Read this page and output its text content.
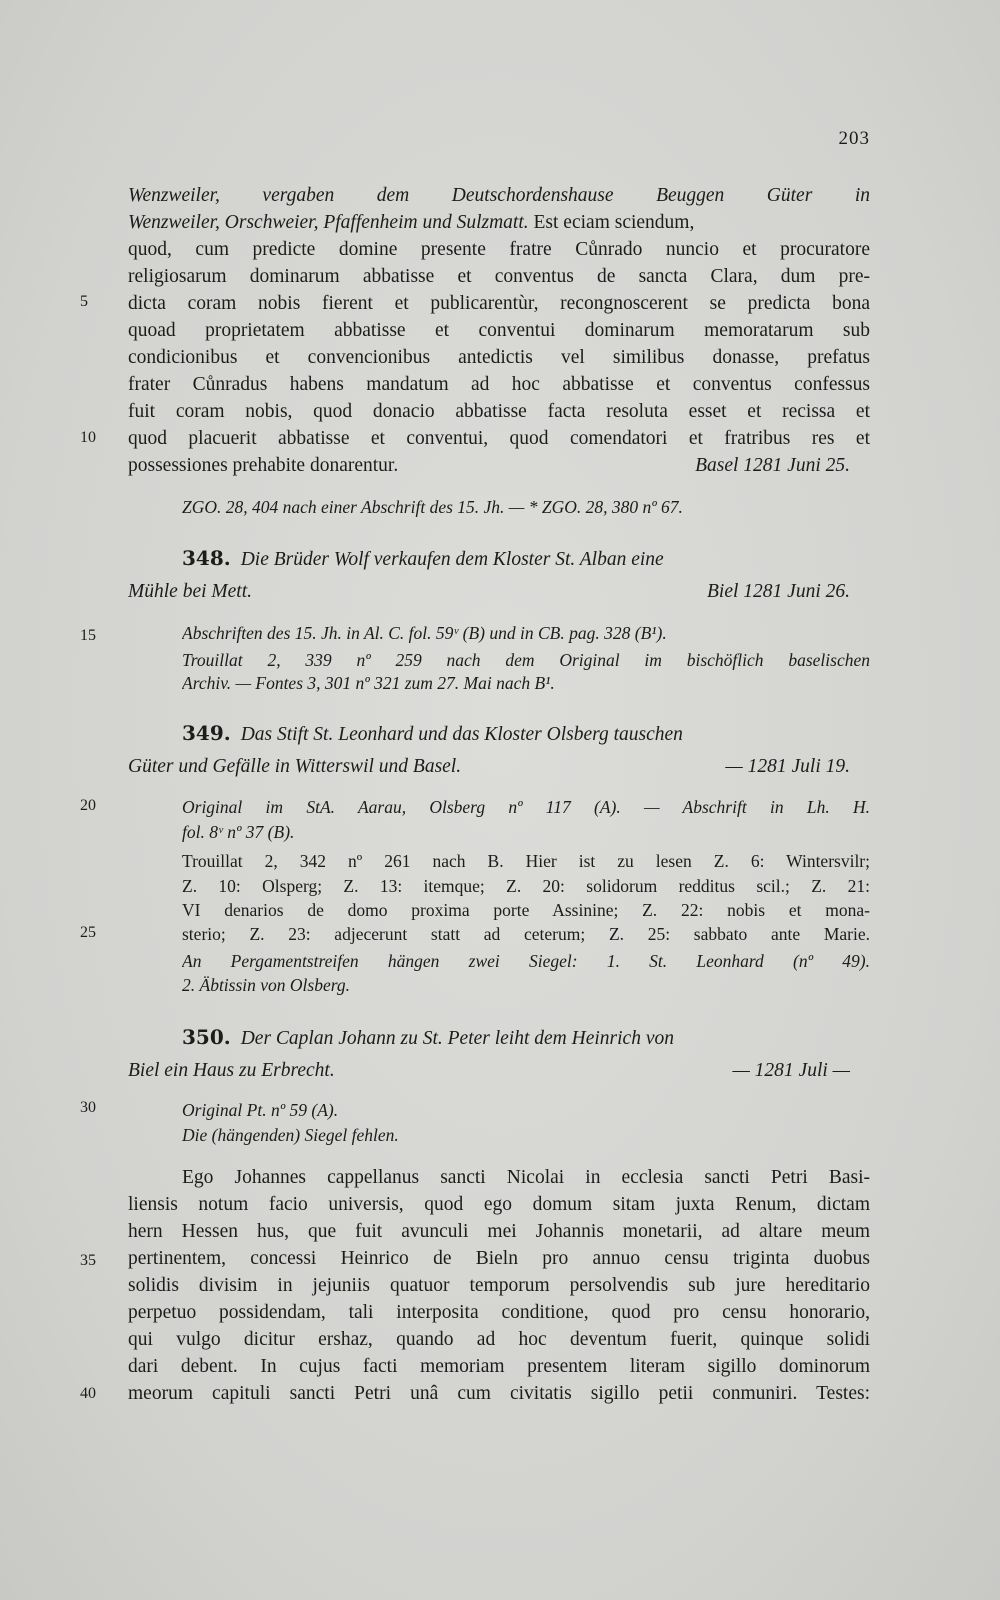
203
5
10
15
20
25
30
35
40
Wenzweiler, vergaben dem Deutschordenshause Beuggen Güter in
Wenzweiler, Orschweier, Pfaffenheim und Sulzmatt. Est eciam sciendum,
quod, cum predicte domine presente fratre Cůnrado nuncio et procuratore
religiosarum dominarum abbatisse et conventus de sancta Clara, dum pre-
dicta coram nobis fierent et publicarentùr, recongnoscerent se predicta bona
quoad proprietatem abbatisse et conventui dominarum memoratarum sub
condicionibus et convencionibus antedictis vel similibus donasse, prefatus
frater Cůnradus habens mandatum ad hoc abbatisse et conventus confessus
fuit coram nobis, quod donacio abbatisse facta resoluta esset et recissa et
quod placuerit abbatisse et conventui, quod comendatori et fratribus res et
possessiones prehabite donarentur.	Basel 1281 Juni 25.
ZGO. 28, 404 nach einer Abschrift des 15. Jh. — * ZGO. 28, 380 nº 67.
348. Die Brüder Wolf verkaufen dem Kloster St. Alban eine
Mühle bei Mett.	Biel 1281 Juni 26.
Abschriften des 15. Jh. in Al. C. fol. 59ᵛ (B) und in CB. pag. 328 (B¹).
Trouillat 2, 339 nº 259 nach dem Original im bischöflich baselischen
Archiv. — Fontes 3, 301 nº 321 zum 27. Mai nach B¹.
349. Das Stift St. Leonhard und das Kloster Olsberg tauschen
Güter und Gefälle in Witterswil und Basel.	— 1281 Juli 19.
Original im StA. Aarau, Olsberg nº 117 (A). — Abschrift in Lh. H.
fol. 8ᵛ nº 37 (B).
Trouillat 2, 342 nº 261 nach B. Hier ist zu lesen Z. 6: Wintersvilr;
Z. 10: Olsperg; Z. 13: itemque; Z. 20: solidorum redditus scil.; Z. 21:
VI denarios de domo proxima porte Assinine; Z. 22: nobis et mona-
sterio; Z. 23: adjecerunt statt ad ceterum; Z. 25: sabbato ante Marie.
An Pergamentstreifen hängen zwei Siegel: 1. St. Leonhard (nº 49).
2. Äbtissin von Olsberg.
350. Der Caplan Johann zu St. Peter leiht dem Heinrich von
Biel ein Haus zu Erbrecht.	— 1281 Juli —
Original Pt. nº 59 (A).
Die (hängenden) Siegel fehlen.
Ego Johannes cappellanus sancti Nicolai in ecclesia sancti Petri Basi-
liensis notum facio universis, quod ego domum sitam juxta Renum, dictam
hern Hessen hus, que fuit avunculi mei Johannis monetarii, ad altare meum
pertinentem, concessi Heinrico de Bieln pro annuo censu triginta duobus
solidis divisim in jejuniis quatuor temporum persolvendis sub jure hereditario
perpetuo possidendam, tali interposita conditione, quod pro censu honorario,
qui vulgo dicitur ershaz, quando ad hoc deventum fuerit, quinque solidi
dari debent. In cujus facti memoriam presentem literam sigillo dominorum
meorum capituli sancti Petri unâ cum civitatis sigillo petii conmuniri. Testes:
